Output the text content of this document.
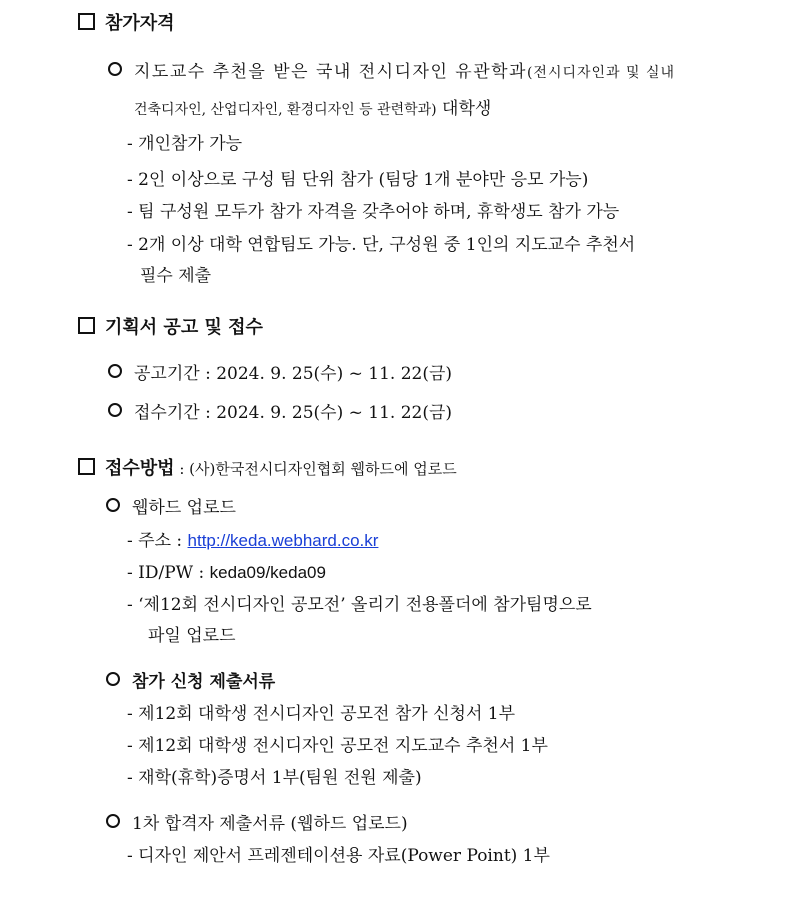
참가자격
지도교수 추천을 받은 국내 전시디자인 유관학과(전시디자인과 및 실내
건축디자인, 산업디자인, 환경디자인 등 관련학과) 대학생
- 개인참가 가능
- 2인 이상으로 구성 팀 단위 참가 (팀당 1개 분야만 응모 가능)
- 팀 구성원 모두가 참가 자격을 갖추어야 하며, 휴학생도 참가 가능
- 2개 이상 대학 연합팀도 가능. 단, 구성원 중 1인의 지도교수 추천서
필수 제출
기획서 공고 및 접수
공고기간 : 2024. 9. 25(수) ~ 11. 22(금)
접수기간 : 2024. 9. 25(수) ~ 11. 22(금)
접수방법 : (사)한국전시디자인협회 웹하드에 업로드
웹하드 업로드
- 주소 : http://keda.webhard.co.kr
- ID/PW : keda09/keda09
- ‘제12회 전시디자인 공모전’ 올리기 전용폴더에 참가팀명으로
파일 업로드
참가 신청 제출서류
- 제12회 대학생 전시디자인 공모전 참가 신청서 1부
- 제12회 대학생 전시디자인 공모전 지도교수 추천서 1부
- 재학(휴학)증명서 1부(팀원 전원 제출)
1차 합격자 제출서류 (웹하드 업로드)
- 디자인 제안서 프레젠테이션용 자료(Power Point) 1부
